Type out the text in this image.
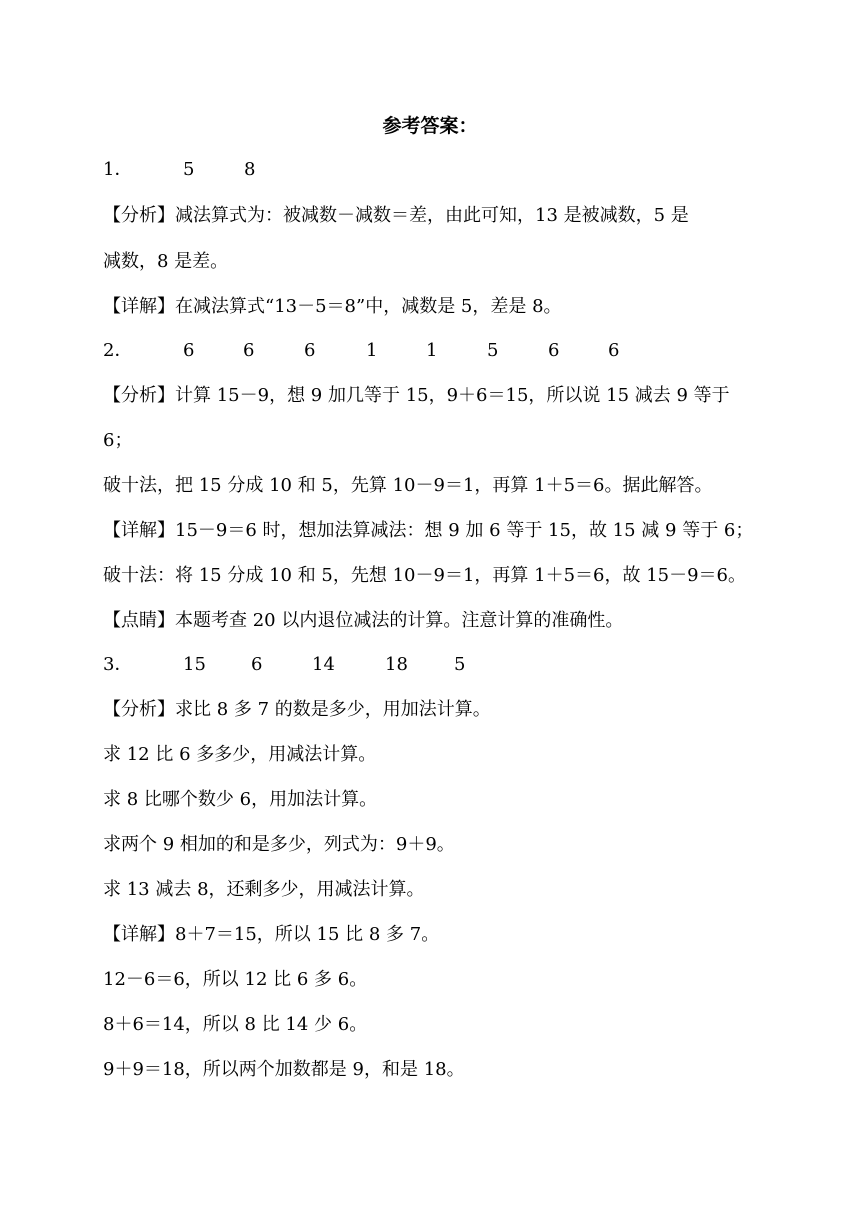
参考答案：
1．	5	8
【分析】减法算式为：被减数－减数＝差，由此可知，13 是被减数，5 是
减数，8 是差。
【详解】在减法算式“13－5＝8”中，减数是 5，差是 8。
2．	6	6	6	1	1	5	6	6
【分析】计算 15－9，想 9 加几等于 15，9＋6＝15，所以说 15 减去 9 等于
6；
破十法，把 15 分成 10 和 5，先算 10－9＝1，再算 1＋5＝6。据此解答。
【详解】15－9＝6 时，想加法算减法：想 9 加 6 等于 15，故 15 减 9 等于 6；
破十法：将 15 分成 10 和 5，先想 10－9＝1，再算 1＋5＝6，故 15－9＝6。
【点睛】本题考查 20 以内退位减法的计算。注意计算的准确性。
3．	15	6	14	18	5
【分析】求比 8 多 7 的数是多少，用加法计算。
求 12 比 6 多多少，用减法计算。
求 8 比哪个数少 6，用加法计算。
求两个 9 相加的和是多少，列式为：9＋9。
求 13 减去 8，还剩多少，用减法计算。
【详解】8＋7＝15，所以 15 比 8 多 7。
12－6＝6，所以 12 比 6 多 6。
8＋6＝14，所以 8 比 14 少 6。
9＋9＝18，所以两个加数都是 9，和是 18。
